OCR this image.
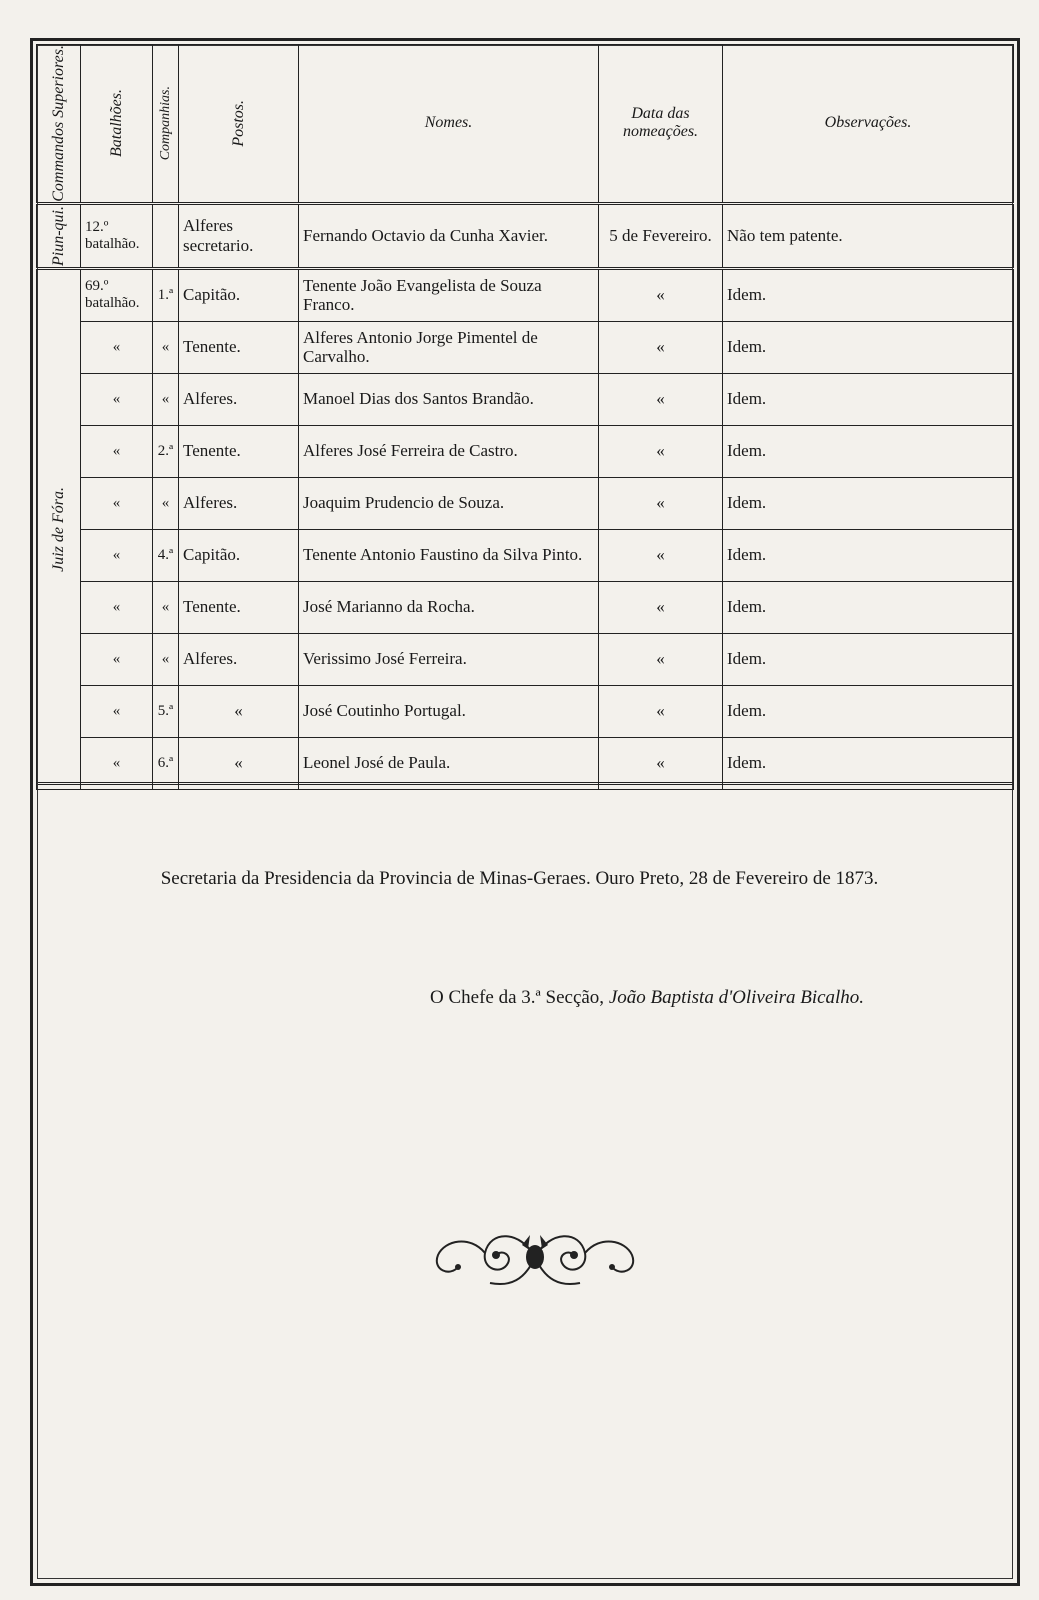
Commandos Superiores.	Batalhões.	Companhias.	Postos.	Nomes.	Data das nomeações.	Observações.

Piun-qui.	12.º batalhão.		Alferes secretario.	Fernando Octavio da Cunha Xavier.	5 de Fevereiro.	Não tem patente.

Juiz de Fóra.	69.º batalhão.	1.ª	Capitão.	Tenente João Evangelista de Souza Franco.	«	Idem.
	«	«	Tenente.	Alferes Antonio Jorge Pimentel de Carvalho.	«	Idem.
	«	«	Alferes.	Manoel Dias dos Santos Brandão.	«	Idem.
	«	2.ª	Tenente.	Alferes José Ferreira de Castro.	«	Idem.
	«	«	Alferes.	Joaquim Prudencio de Souza.	«	Idem.
	«	4.ª	Capitão.	Tenente Antonio Faustino da Silva Pinto.	«	Idem.
	«	«	Tenente.	José Marianno da Rocha.	«	Idem.
	«	«	Alferes.	Verissimo José Ferreira.	«	Idem.
	«	5.ª	«	José Coutinho Portugal.	«	Idem.
	«	6.ª	«	Leonel José de Paula.	«	Idem.
Secretaria da Presidencia da Provincia de Minas-Geraes. Ouro Preto, 28 de Fevereiro de 1873.
O Chefe da 3.ª Secção, João Baptista d'Oliveira Bicalho.
